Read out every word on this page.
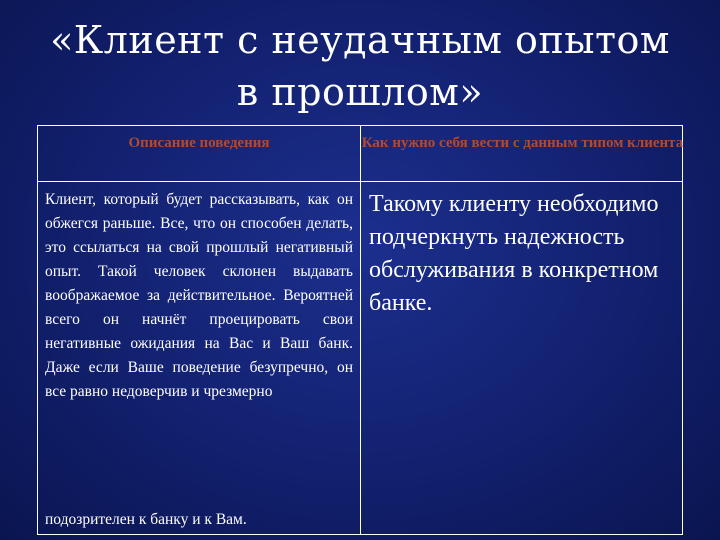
«Клиент с неудачным опытом в прошлом»
Описание поведения	Как нужно себя вести с данным типом клиента
Клиент, который будет рассказывать, как он обжегся раньше. Все, что он способен делать, это ссылаться на свой прошлый негативный опыт. Такой человек склонен выдавать воображаемое за действительное. Вероятней всего он начнёт проецировать свои негативные ожидания на Вас и Ваш банк. Даже если Ваше поведение безупречно, он все равно недоверчив и чрезмерно
подозрителен к банку и к Вам.
Такому клиенту необходимо подчеркнуть надежность обслуживания в конкретном банке.
